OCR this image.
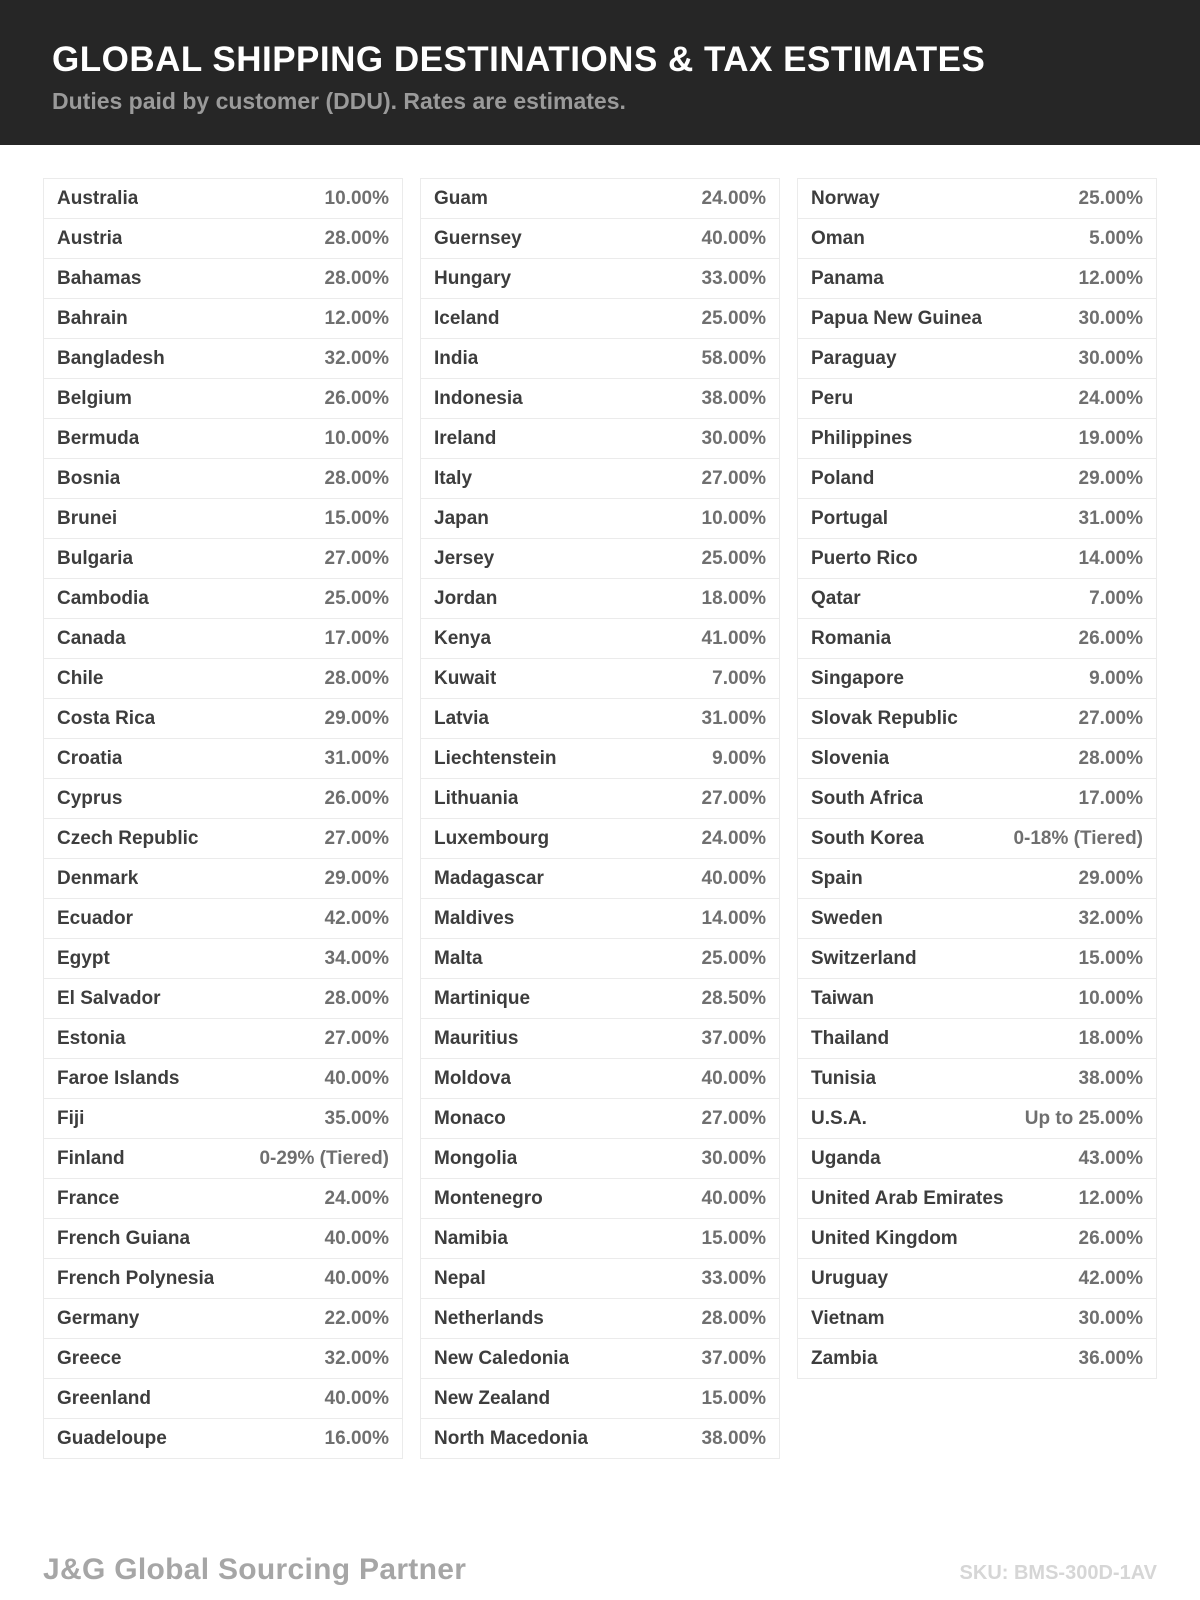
GLOBAL SHIPPING DESTINATIONS & TAX ESTIMATES
Duties paid by customer (DDU). Rates are estimates.
Australia	10.00%
Austria	28.00%
Bahamas	28.00%
Bahrain	12.00%
Bangladesh	32.00%
Belgium	26.00%
Bermuda	10.00%
Bosnia	28.00%
Brunei	15.00%
Bulgaria	27.00%
Cambodia	25.00%
Canada	17.00%
Chile	28.00%
Costa Rica	29.00%
Croatia	31.00%
Cyprus	26.00%
Czech Republic	27.00%
Denmark	29.00%
Ecuador	42.00%
Egypt	34.00%
El Salvador	28.00%
Estonia	27.00%
Faroe Islands	40.00%
Fiji	35.00%
Finland	0-29% (Tiered)
France	24.00%
French Guiana	40.00%
French Polynesia	40.00%
Germany	22.00%
Greece	32.00%
Greenland	40.00%
Guadeloupe	16.00%
Guam	24.00%
Guernsey	40.00%
Hungary	33.00%
Iceland	25.00%
India	58.00%
Indonesia	38.00%
Ireland	30.00%
Italy	27.00%
Japan	10.00%
Jersey	25.00%
Jordan	18.00%
Kenya	41.00%
Kuwait	7.00%
Latvia	31.00%
Liechtenstein	9.00%
Lithuania	27.00%
Luxembourg	24.00%
Madagascar	40.00%
Maldives	14.00%
Malta	25.00%
Martinique	28.50%
Mauritius	37.00%
Moldova	40.00%
Monaco	27.00%
Mongolia	30.00%
Montenegro	40.00%
Namibia	15.00%
Nepal	33.00%
Netherlands	28.00%
New Caledonia	37.00%
New Zealand	15.00%
North Macedonia	38.00%
Norway	25.00%
Oman	5.00%
Panama	12.00%
Papua New Guinea	30.00%
Paraguay	30.00%
Peru	24.00%
Philippines	19.00%
Poland	29.00%
Portugal	31.00%
Puerto Rico	14.00%
Qatar	7.00%
Romania	26.00%
Singapore	9.00%
Slovak Republic	27.00%
Slovenia	28.00%
South Africa	17.00%
South Korea	0-18% (Tiered)
Spain	29.00%
Sweden	32.00%
Switzerland	15.00%
Taiwan	10.00%
Thailand	18.00%
Tunisia	38.00%
U.S.A.	Up to 25.00%
Uganda	43.00%
United Arab Emirates	12.00%
United Kingdom	26.00%
Uruguay	42.00%
Vietnam	30.00%
Zambia	36.00%
J&G Global Sourcing Partner	SKU: BMS-300D-1AV
